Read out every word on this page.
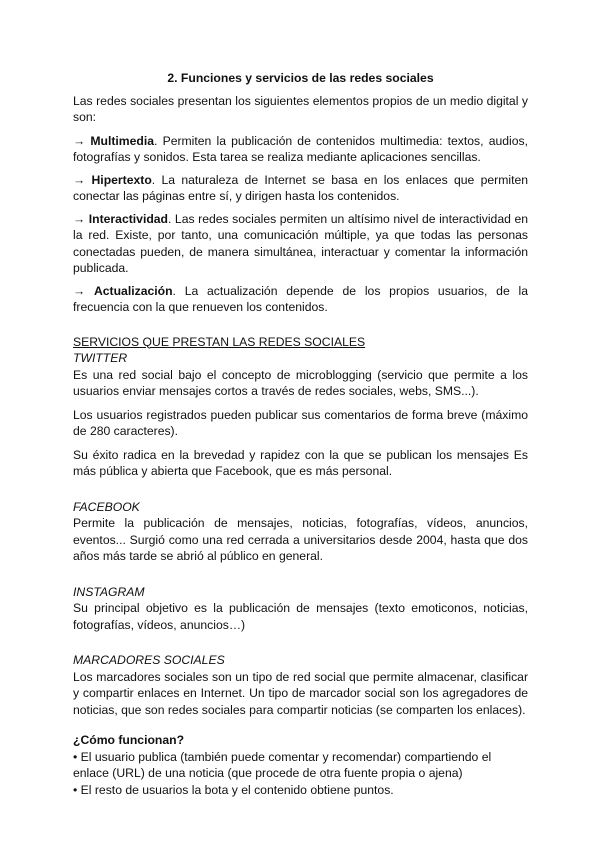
2. Funciones y servicios de las redes sociales

Las redes sociales presentan los siguientes elementos propios de un medio digital y son:

→ Multimedia. Permiten la publicación de contenidos multimedia: textos, audios, fotografías y sonidos. Esta tarea se realiza mediante aplicaciones sencillas.

→ Hipertexto. La naturaleza de Internet se basa en los enlaces que permiten conectar las páginas entre sí, y dirigen hasta los contenidos.

→ Interactividad. Las redes sociales permiten un altísimo nivel de interactividad en la red. Existe, por tanto, una comunicación múltiple, ya que todas las personas conectadas pueden, de manera simultánea, interactuar y comentar la información publicada.

→ Actualización. La actualización depende de los propios usuarios, de la frecuencia con la que renueven los contenidos.

SERVICIOS QUE PRESTAN LAS REDES SOCIALES
TWITTER

Es una red social bajo el concepto de microblogging (servicio que permite a los usuarios enviar mensajes cortos a través de redes sociales, webs, SMS...).

Los usuarios registrados pueden publicar sus comentarios de forma breve (máximo de 280 caracteres).

Su éxito radica en la brevedad y rapidez con la que se publican los mensajes Es más pública y abierta que Facebook, que es más personal.

FACEBOOK

Permite la publicación de mensajes, noticias, fotografías, vídeos, anuncios, eventos... Surgió como una red cerrada a universitarios desde 2004, hasta que dos años más tarde se abrió al público en general.

INSTAGRAM

Su principal objetivo es la publicación de mensajes (texto emoticonos, noticias, fotografías, vídeos, anuncios…)

MARCADORES SOCIALES

Los marcadores sociales son un tipo de red social que permite almacenar, clasificar y compartir enlaces en Internet. Un tipo de marcador social son los agregadores de noticias, que son redes sociales para compartir noticias (se comparten los enlaces).

¿Cómo funcionan?

• El usuario publica (también puede comentar y recomendar) compartiendo el enlace (URL) de una noticia (que procede de otra fuente propia o ajena)

• El resto de usuarios la bota y el contenido obtiene puntos.
